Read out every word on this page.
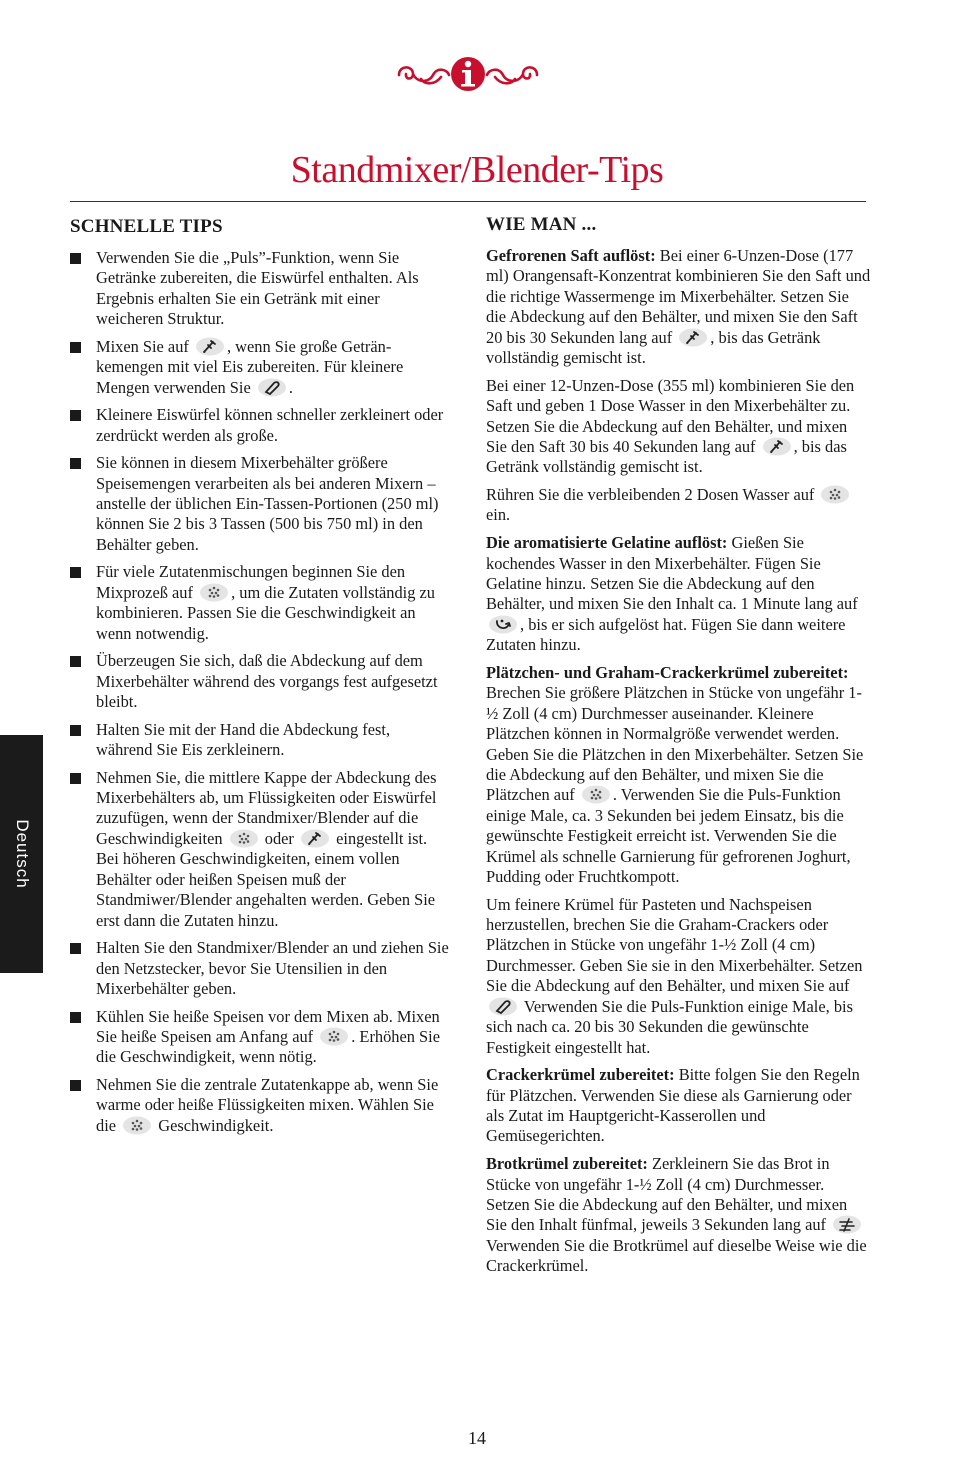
Standmixer/Blender-Tips
Deutsch
SCHNELLE TIPS
Verwenden Sie die „Puls”-Funktion, wenn Sie Getränke zubereiten, die Eiswürfel enthalten. Als Ergebnis erhalten Sie ein Getränk mit einer weicheren Struktur.
Mixen Sie auf , wenn Sie große Getränkemengen mit viel Eis zubereiten. Für kleinere Mengen verwenden Sie .
Kleinere Eiswürfel können schneller zerkleinert oder zerdrückt werden als große.
Sie können in diesem Mixerbehälter größere Speisemengen verarbeiten als bei anderen Mixern – anstelle der üblichen Ein-Tassen-Portionen (250 ml) können Sie 2 bis 3 Tassen (500 bis 750 ml) in den Behälter geben.
Für viele Zutatenmischungen beginnen Sie den Mixprozeß auf , um die Zutaten vollständig zu kombinieren. Passen Sie die Geschwindigkeit an wenn notwendig.
Überzeugen Sie sich, daß die Abdeckung auf dem Mixerbehälter während des vorgangs fest aufgesetzt bleibt.
Halten Sie mit der Hand die Abdeckung fest, während Sie Eis zerkleinern.
Nehmen Sie, die mittlere Kappe der Abdeckung des Mixerbehälters ab, um Flüssigkeiten oder Eiswürfel zuzufügen, wenn der Standmixer/Blender auf die Geschwindigkeiten	oder	eingestellt ist. Bei höheren Geschwindigkeiten, einem vollen Behälter oder heißen Speisen muß der Standmiwer/Blender angehalten werden. Geben Sie erst dann die Zutaten hinzu.
Halten Sie den Standmixer/Blender an und ziehen Sie den Netzstecker, bevor Sie Utensilien in den Mixerbehälter geben.
Kühlen Sie heiße Speisen vor dem Mixen ab. Mixen Sie heiße Speisen am Anfang auf . Erhöhen Sie die Geschwindigkeit, wenn nötig.
Nehmen Sie die zentrale Zutatenkappe ab, wenn Sie warme oder heiße Flüssigkeiten mixen. Wählen Sie die	Geschwindigkeit.
WIE MAN ...

Gefrorenen Saft auflöst: Bei einer 6-Unzen-Dose (177 ml) Orangensaft-Konzentrat kombinieren Sie den Saft und die richtige Wassermenge im Mixerbehälter. Setzen Sie die Abdeckung auf den Behälter, und mixen Sie den Saft 20 bis 30 Sekunden lang auf , bis das Getränk vollständig gemischt ist.

Bei einer 12-Unzen-Dose (355 ml) kombinieren Sie den Saft und geben 1 Dose Wasser in den Mixerbehälter zu. Setzen Sie die Abdeckung auf den Behälter, und mixen Sie den Saft 30 bis 40 Sekunden lang auf , bis das Getränk vollständig gemischt ist.

Rühren Sie die verbleibenden 2 Dosen Wasser auf
ein.

Die aromatisierte Gelatine auflöst: Gießen Sie kochendes Wasser in den Mixerbehälter. Fügen Sie Gelatine hinzu. Setzen Sie die Abdeckung auf den Behälter, und mixen Sie den Inhalt ca. 1 Minute lang auf
, bis er sich aufgelöst hat. Fügen Sie dann weitere Zutaten hinzu.

Plätzchen- und Graham-Crackerkrümel zubereitet: Brechen Sie größere Plätzchen in Stücke von ungefähr 1-½ Zoll (4 cm) Durchmesser auseinander. Kleinere Plätzchen können in Normalgröße verwendet werden. Geben Sie die Plätzchen in den Mixerbehälter. Setzen Sie die Abdeckung auf den Behälter, und mixen Sie die Plätzchen auf . Verwenden Sie die Puls-Funktion einige Male, ca. 3 Sekunden bei jedem Einsatz, bis die gewünschte Festigkeit erreicht ist. Verwenden Sie die Krümel als schnelle Garnierung für gefrorenen Joghurt, Pudding oder Fruchtkompott.

Um feinere Krümel für Pasteten und Nachspeisen herzustellen, brechen Sie die Graham-Crackers oder Plätzchen in Stücke von ungefähr 1-½ Zoll (4 cm) Durchmesser. Geben Sie sie in den Mixerbehälter. Setzen Sie die Abdeckung auf den Behälter, und mixen Sie auf
Verwenden Sie die Puls-Funktion einige Male, bis sich nach ca. 20 bis 30 Sekunden die gewünschte Festigkeit eingestellt hat.

Crackerkrümel zubereitet: Bitte folgen Sie den Regeln für Plätzchen. Verwenden Sie diese als Garnierung oder als Zutat im Hauptgericht-Kasserollen und Gemüsegerichten.

Brotkrümel zubereitet: Zerkleinern Sie das Brot in Stücke von ungefähr 1-½ Zoll (4 cm) Durchmesser. Setzen Sie die Abdeckung auf den Behälter, und mixen Sie den Inhalt fünfmal, jeweils 3 Sekunden lang auf
Verwenden Sie die Brotkrümel auf dieselbe Weise wie die Crackerkrümel.

14
